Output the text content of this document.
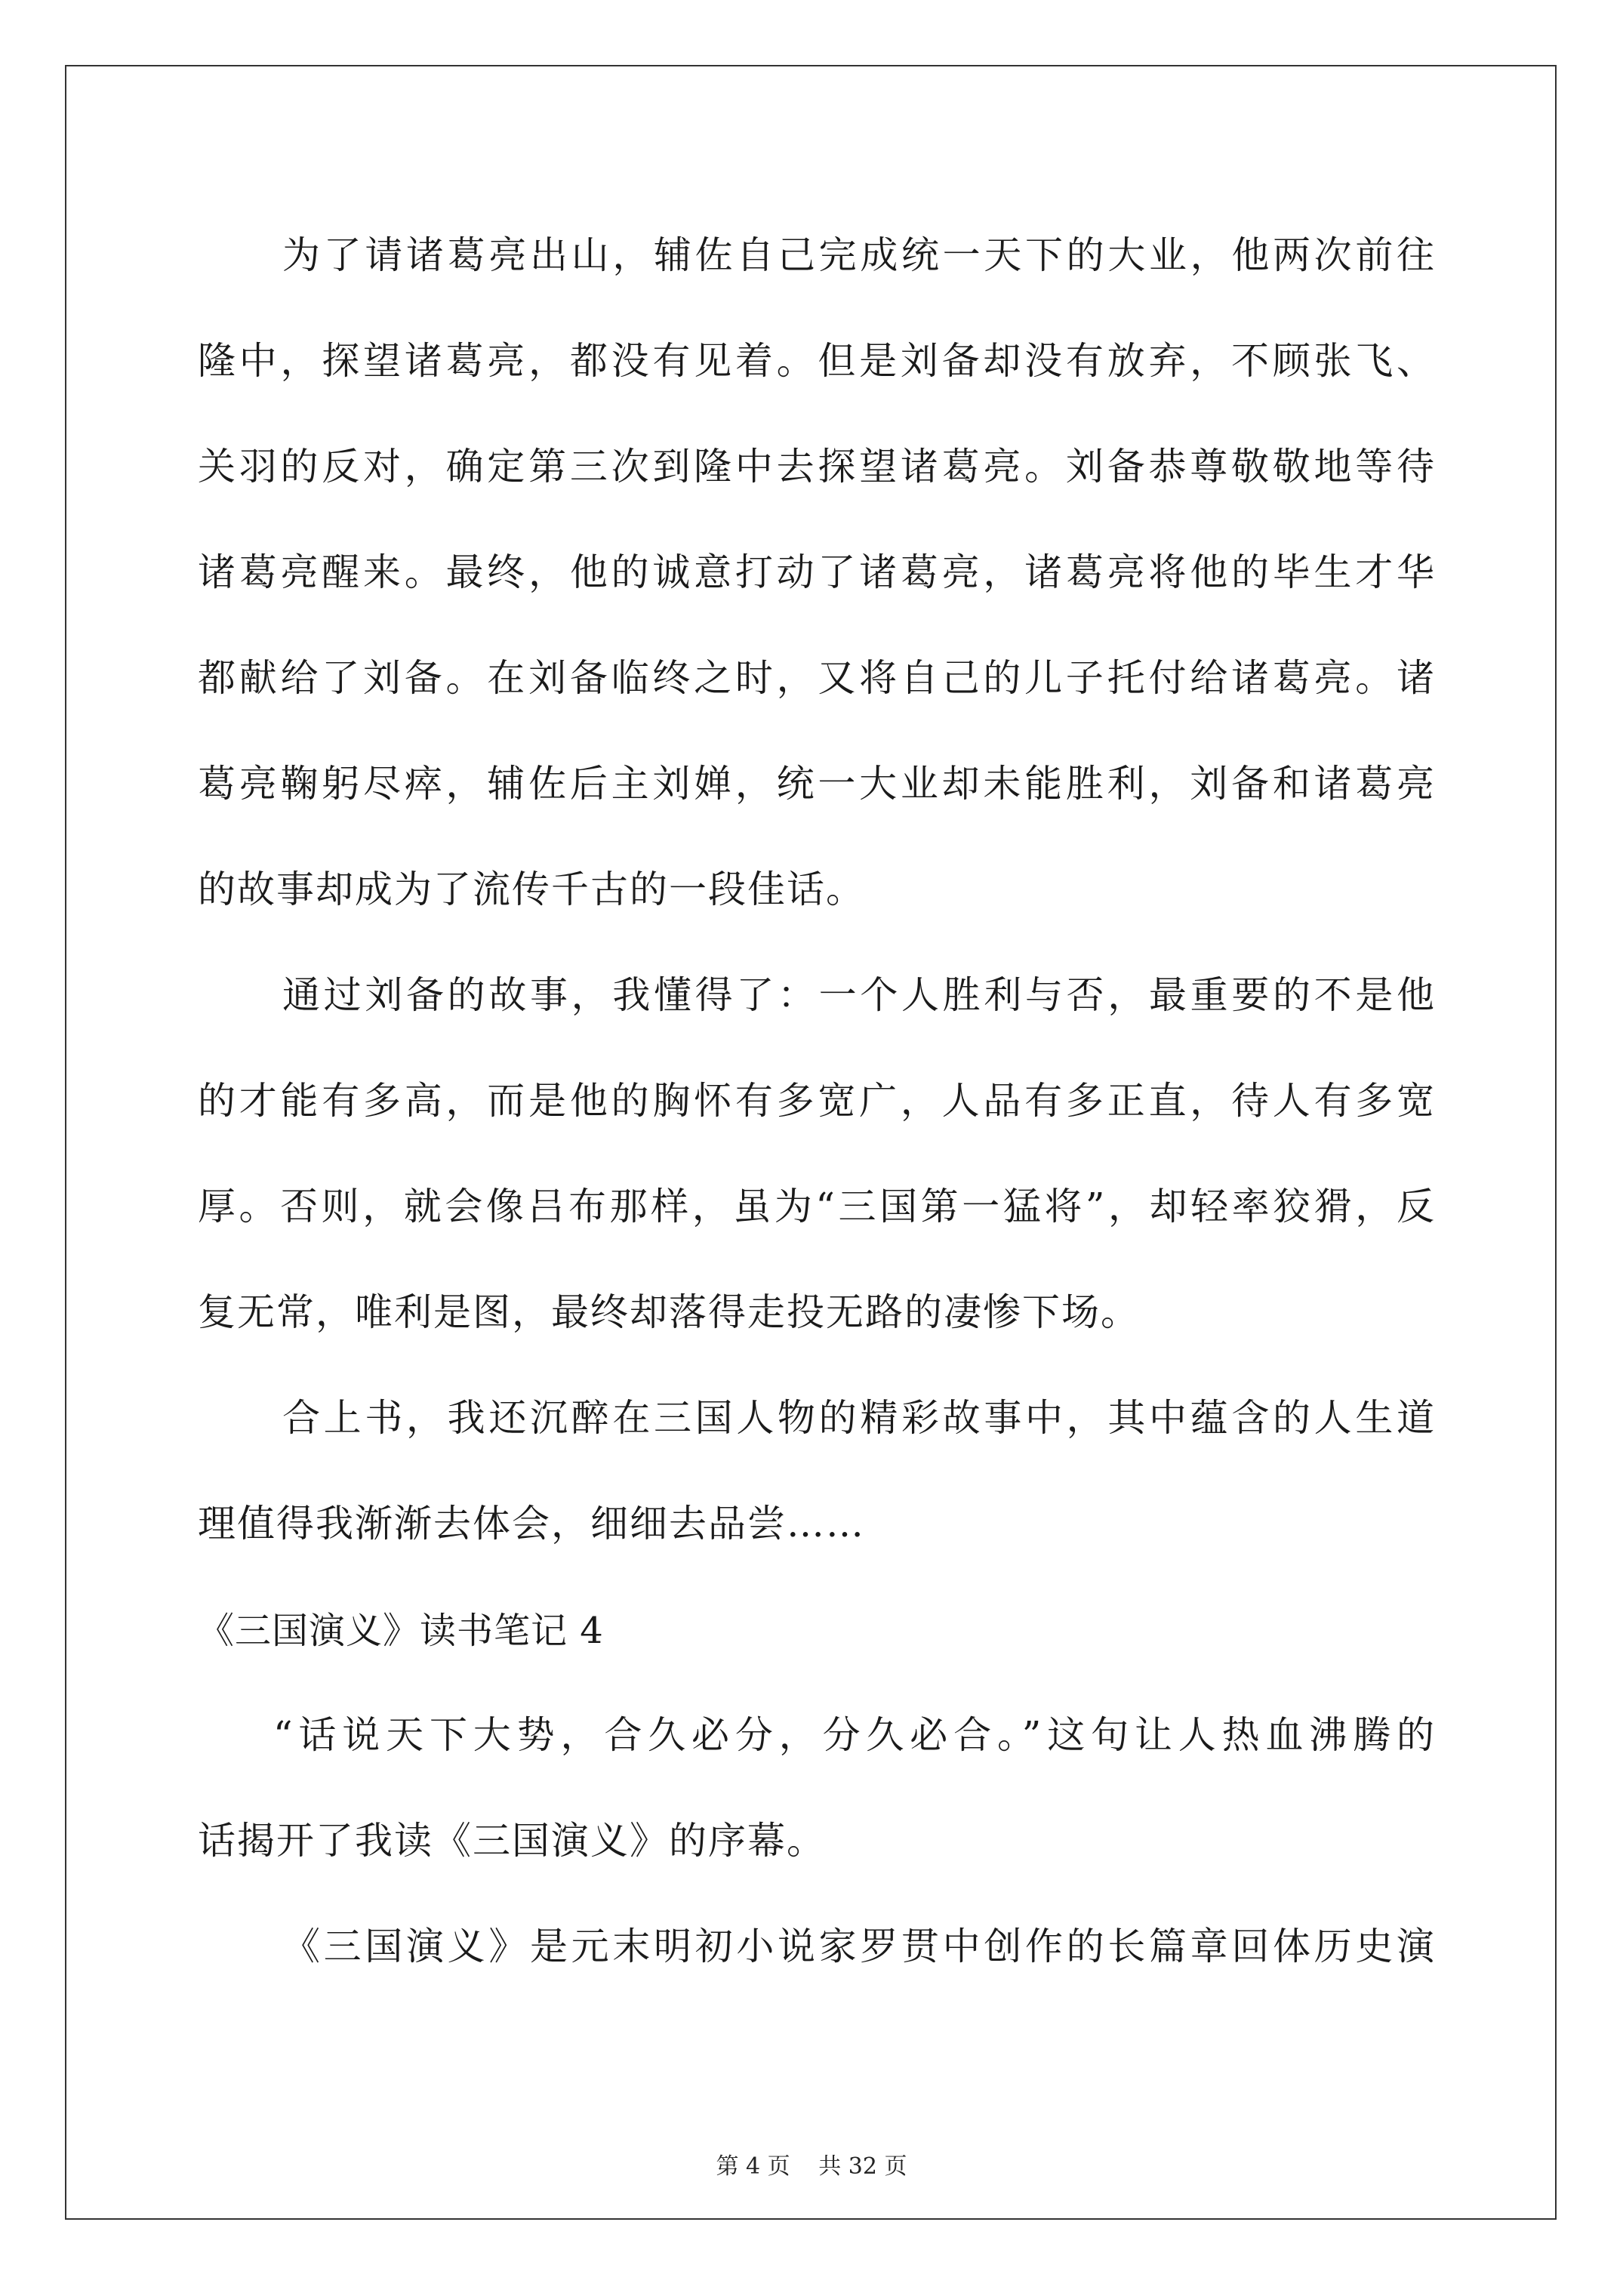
为了请诸葛亮出山，辅佐自己完成统一天下的大业，他两次前往
隆中，探望诸葛亮，都没有见着。但是刘备却没有放弃，不顾张飞、
关羽的反对，确定第三次到隆中去探望诸葛亮。刘备恭尊敬敬地等待
诸葛亮醒来。最终，他的诚意打动了诸葛亮，诸葛亮将他的毕生才华
都献给了刘备。在刘备临终之时，又将自己的儿子托付给诸葛亮。诸
葛亮鞠躬尽瘁，辅佐后主刘婵，统一大业却未能胜利，刘备和诸葛亮
的故事却成为了流传千古的一段佳话。
通过刘备的故事，我懂得了：一个人胜利与否，最重要的不是他
的才能有多高，而是他的胸怀有多宽广，人品有多正直，待人有多宽
厚。否则，就会像吕布那样，虽为“三国第一猛将”，却轻率狡猾，反
复无常，唯利是图，最终却落得走投无路的凄惨下场。
合上书，我还沉醉在三国人物的精彩故事中，其中蕴含的人生道
理值得我渐渐去体会，细细去品尝……
《三国演义》读书笔记 4
“话说天下大势，合久必分，分久必合。”这句让人热血沸腾的
话揭开了我读《三国演义》的序幕。
《三国演义》是元末明初小说家罗贯中创作的长篇章回体历史演
第 4 页 共 32 页
